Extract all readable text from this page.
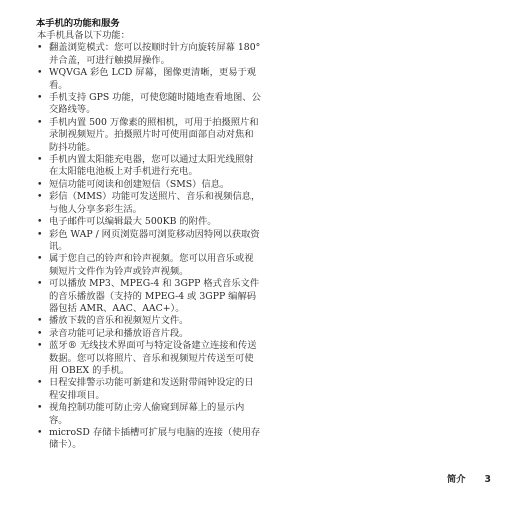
本手机的功能和服务

本手机具备以下功能：

• 翻盖浏览模式：您可以按顺时针方向旋转屏幕 180° 并合盖，可进行触摸屏操作。
• WQVGA 彩色 LCD 屏幕，图像更清晰，更易于观看。
• 手机支持 GPS 功能，可使您随时随地查看地图、公交路线等。
• 手机内置 500 万像素的照相机，可用于拍摄照片和录制视频短片。拍摄照片时可使用面部自动对焦和防抖功能。
• 手机内置太阳能充电器，您可以通过太阳光线照射在太阳能电池板上对手机进行充电。
• 短信功能可阅读和创建短信（SMS）信息。
• 彩信（MMS）功能可发送照片、音乐和视频信息，与他人分享多彩生活。
• 电子邮件可以编辑最大 500KB 的附件。
• 彩色 WAP / 网页浏览器可浏览移动因特网以获取资讯。
• 属于您自己的铃声和铃声视频。您可以用音乐或视频短片文件作为铃声或铃声视频。
• 可以播放 MP3、MPEG-4 和 3GPP 格式音乐文件的音乐播放器（支持的 MPEG-4 或 3GPP 编解码器包括 AMR、AAC、AAC+）。
• 播放下载的音乐和视频短片文件。
• 录音功能可记录和播放语音片段。
• 蓝牙® 无线技术界面可与特定设备建立连接和传送数据。您可以将照片、音乐和视频短片传送至可使用 OBEX 的手机。
• 日程安排警示功能可新建和发送附带闹钟设定的日程安排项目。
• 视角控制功能可防止旁人偷窥到屏幕上的显示内容。
• microSD 存储卡插槽可扩展与电脑的连接（使用存储卡）。
简介 3
